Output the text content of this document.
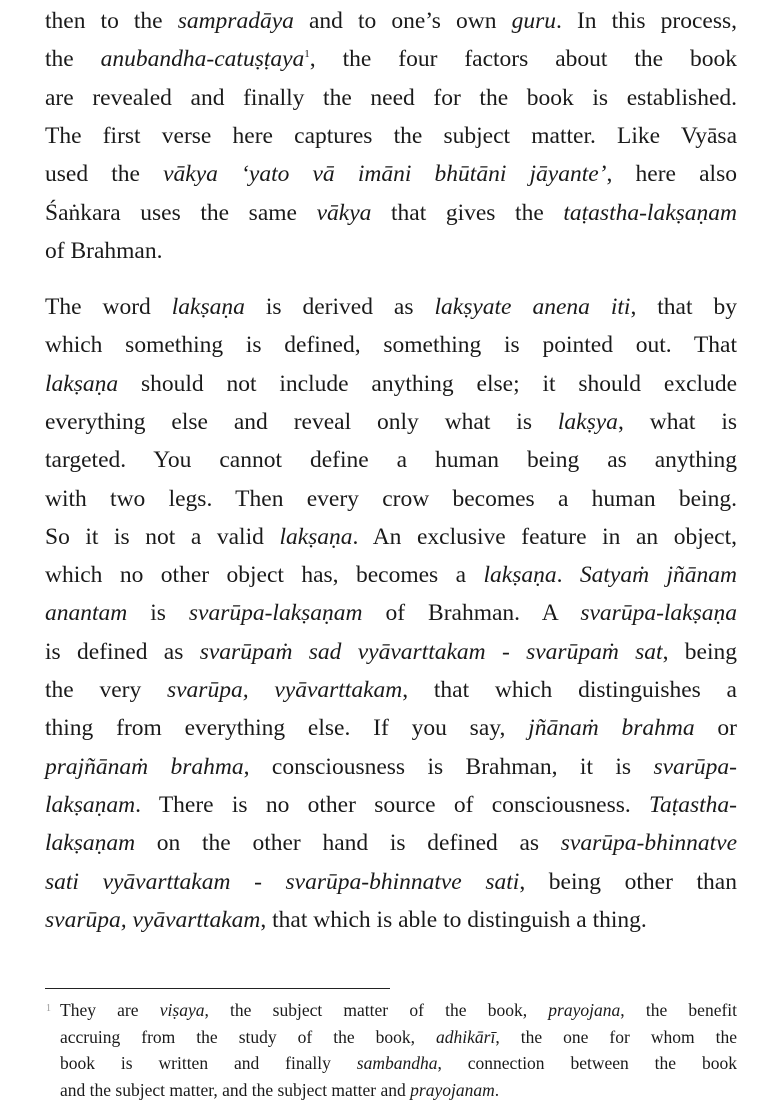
then to the sampradāya and to one’s own guru. In this process,
the anubandha-catuṣṭaya$^1$, the four factors about the book
are revealed and finally the need for the book is established.
The first verse here captures the subject matter. Like Vyāsa
used the vākya ‘yato vā imāni bhūtāni jāyante’, here also
Śaṅkara uses the same vākya that gives the taṭastha-lakṣaṇam
of Brahman.
The word lakṣaṇa is derived as lakṣyate anena iti, that by
which something is defined, something is pointed out. That
lakṣaṇa should not include anything else; it should exclude
everything else and reveal only what is lakṣya, what is
targeted. You cannot define a human being as anything
with two legs. Then every crow becomes a human being.
So it is not a valid lakṣaṇa. An exclusive feature in an object,
which no other object has, becomes a lakṣaṇa. Satyaṁ jñānam
anantam is svarūpa-lakṣaṇam of Brahman. A svarūpa-lakṣaṇa
is defined as svarūpaṁ sad vyāvarttakam - svarūpaṁ sat, being
the very svarūpa, vyāvarttakam, that which distinguishes a
thing from everything else. If you say, jñānaṁ brahma or
prajñānaṁ brahma, consciousness is Brahman, it is svarūpa-
lakṣaṇam. There is no other source of consciousness. Taṭastha-
lakṣaṇam on the other hand is defined as svarūpa-bhinnatve
sati vyāvarttakam - svarūpa-bhinnatve sati, being other than
svarūpa, vyāvarttakam, that which is able to distinguish a thing.
1 They are viṣaya, the subject matter of the book, prayojana, the benefit
accruing from the study of the book, adhikārī, the one for whom the
book is written and finally sambandha, connection between the book
and the subject matter, and the subject matter and prayojanam.
